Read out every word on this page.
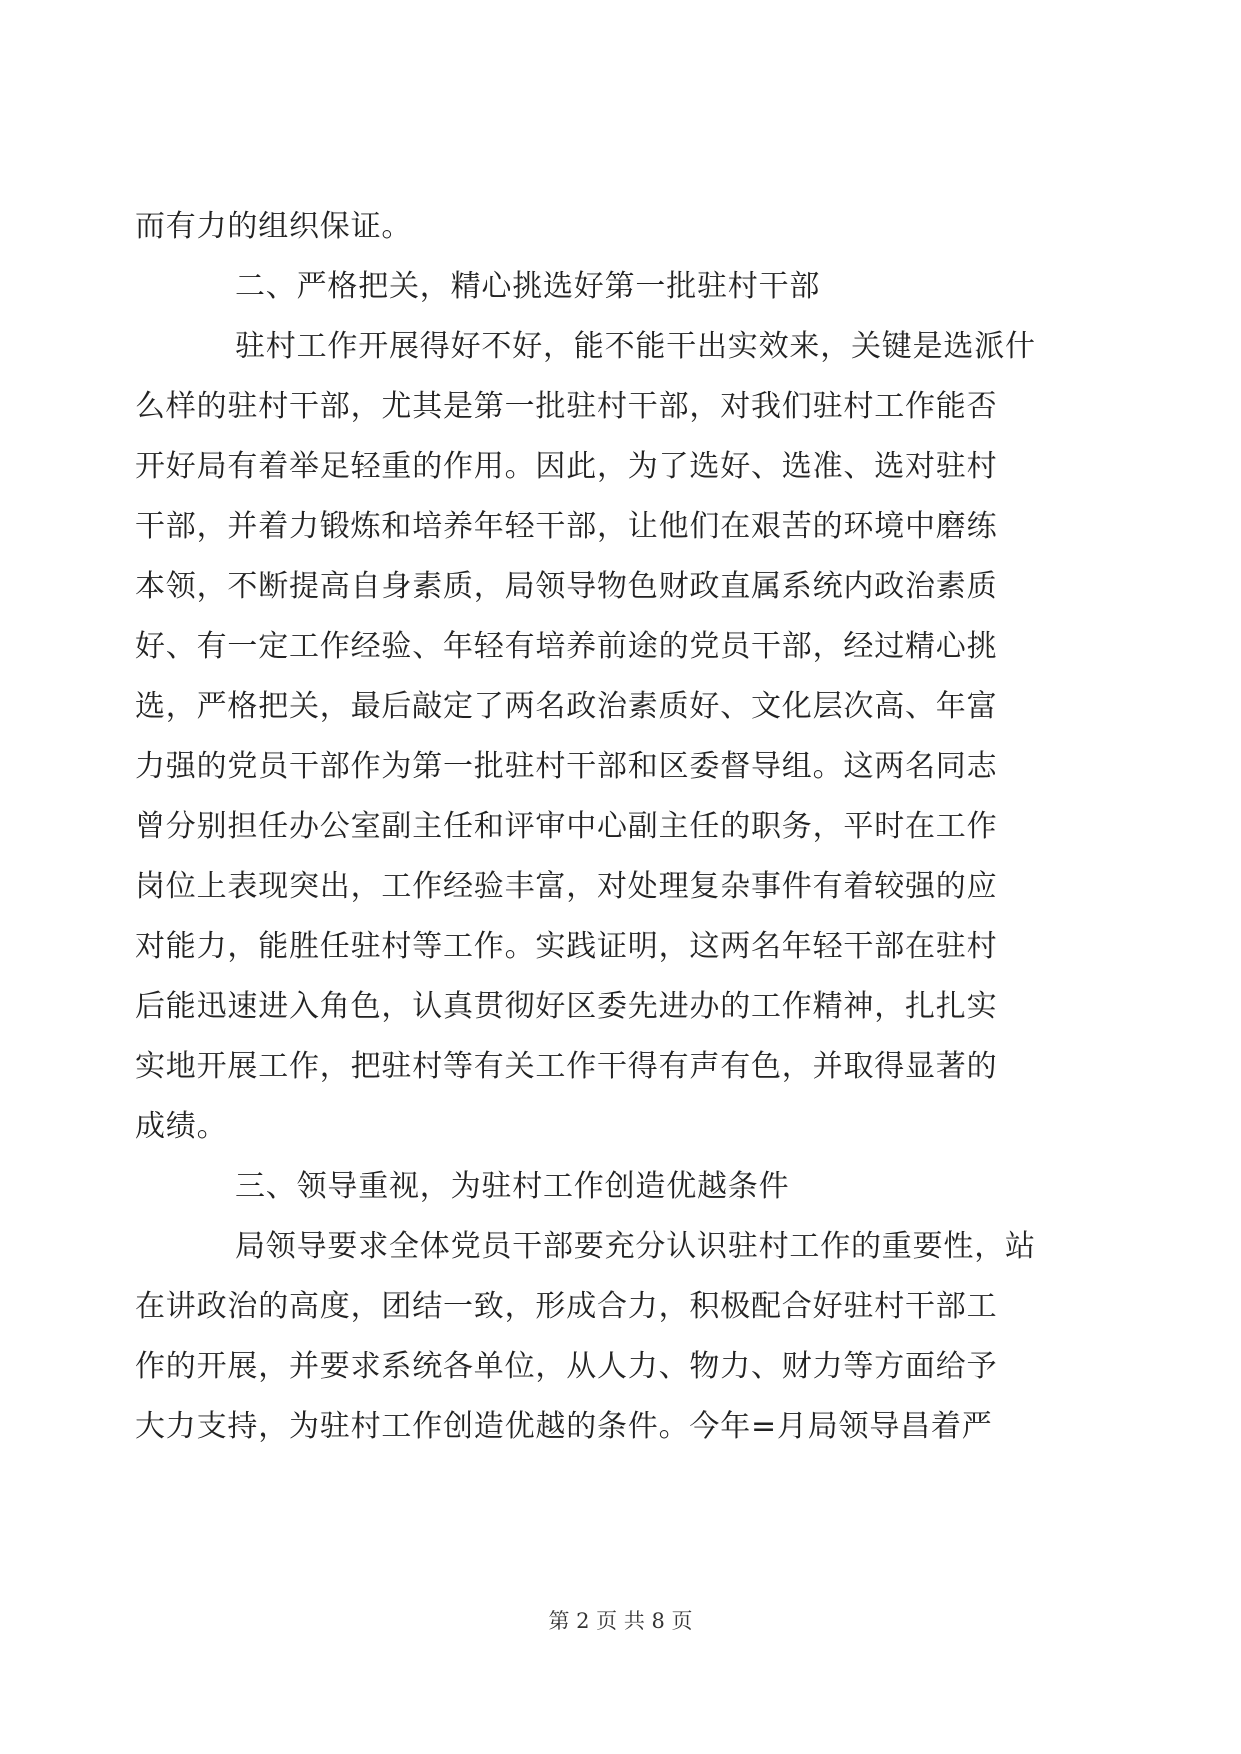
而有力的组织保证。
二、严格把关，精心挑选好第一批驻村干部
驻村工作开展得好不好，能不能干出实效来，关键是选派什
么样的驻村干部，尤其是第一批驻村干部，对我们驻村工作能否
开好局有着举足轻重的作用。因此，为了选好、选准、选对驻村
干部，并着力锻炼和培养年轻干部，让他们在艰苦的环境中磨练
本领，不断提高自身素质，局领导物色财政直属系统内政治素质
好、有一定工作经验、年轻有培养前途的党员干部，经过精心挑
选，严格把关，最后敲定了两名政治素质好、文化层次高、年富
力强的党员干部作为第一批驻村干部和区委督导组。这两名同志
曾分别担任办公室副主任和评审中心副主任的职务，平时在工作
岗位上表现突出，工作经验丰富，对处理复杂事件有着较强的应
对能力，能胜任驻村等工作。实践证明，这两名年轻干部在驻村
后能迅速进入角色，认真贯彻好区委先进办的工作精神，扎扎实
实地开展工作，把驻村等有关工作干得有声有色，并取得显著的
成绩。
三、领导重视，为驻村工作创造优越条件
局领导要求全体党员干部要充分认识驻村工作的重要性，站
在讲政治的高度，团结一致，形成合力，积极配合好驻村干部工
作的开展，并要求系统各单位，从人力、物力、财力等方面给予
大力支持，为驻村工作创造优越的条件。今年=月局领导昌着严
第 2 页 共 8 页
